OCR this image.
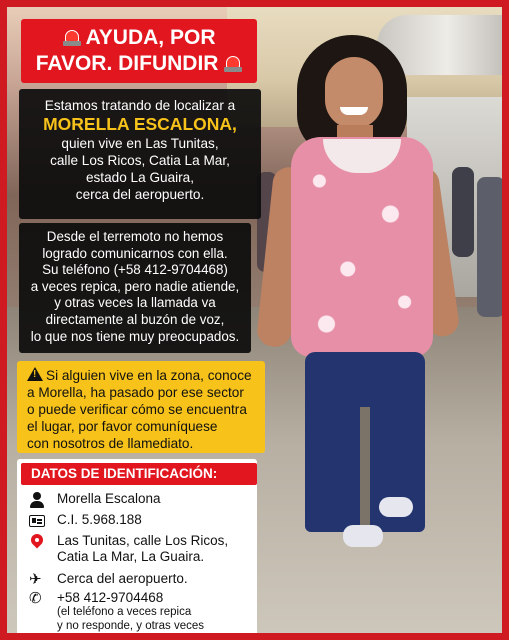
AYUDA, POR
FAVOR. DIFUNDIR
Estamos tratando de localizar a
MORELLA ESCALONA,
quien vive en Las Tunitas,
calle Los Ricos, Catia La Mar,
estado La Guaira,
cerca del aeropuerto.
Desde el terremoto no hemos
logrado comunicarnos con ella.
Su teléfono (+58 412-9704468)
a veces repica, pero nadie atiende,
y otras veces la llamada va
directamente al buzón de voz,
lo que nos tiene muy preocupados.
!Si alguien vive en la zona, conoce
a Morella, ha pasado por ese sector
o puede verificar cómo se encuentra
el lugar, por favor comuníquese
con nosotros de llamediato.
DATOS DE IDENTIFICACIÓN:
Morella Escalona
C.I. 5.968.188
Las Tunitas, calle Los Ricos,
Catia La Mar, La Guaira.
✈ Cerca del aeropuerto.
✆ +58 412-9704468
(el teléfono a veces repica
y no responde, y otras veces
va a buzón de voz).
